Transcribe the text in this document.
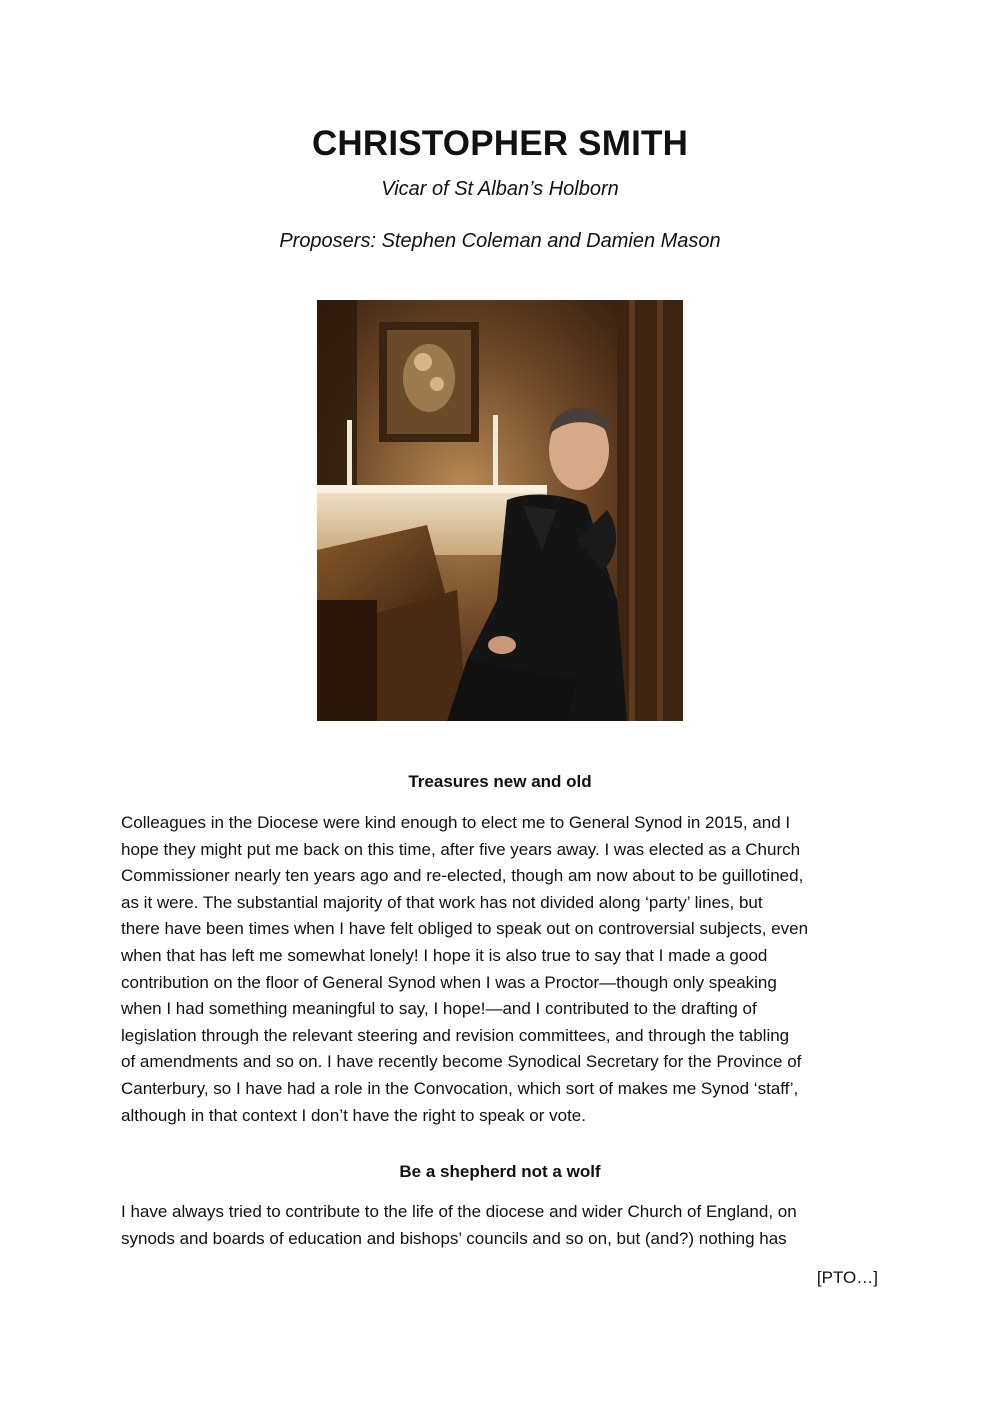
CHRISTOPHER SMITH

Vicar of St Alban’s Holborn

Proposers: Stephen Coleman and Damien Mason

Treasures new and old
Colleagues in the Diocese were kind enough to elect me to General Synod in 2015, and I
hope they might put me back on this time, after five years away. I was elected as a Church
Commissioner nearly ten years ago and re-elected, though am now about to be guillotined,
as it were. The substantial majority of that work has not divided along ‘party’ lines, but
there have been times when I have felt obliged to speak out on controversial subjects, even
when that has left me somewhat lonely! I hope it is also true to say that I made a good
contribution on the floor of General Synod when I was a Proctor—though only speaking
when I had something meaningful to say, I hope!—and I contributed to the drafting of
legislation through the relevant steering and revision committees, and through the tabling
of amendments and so on. I have recently become Synodical Secretary for the Province of
Canterbury, so I have had a role in the Convocation, which sort of makes me Synod ‘staff’,
although in that context I don’t have the right to speak or vote.
Be a shepherd not a wolf
I have always tried to contribute to the life of the diocese and wider Church of England, on
synods and boards of education and bishops’ councils and so on, but (and?) nothing has

[PTO…]
